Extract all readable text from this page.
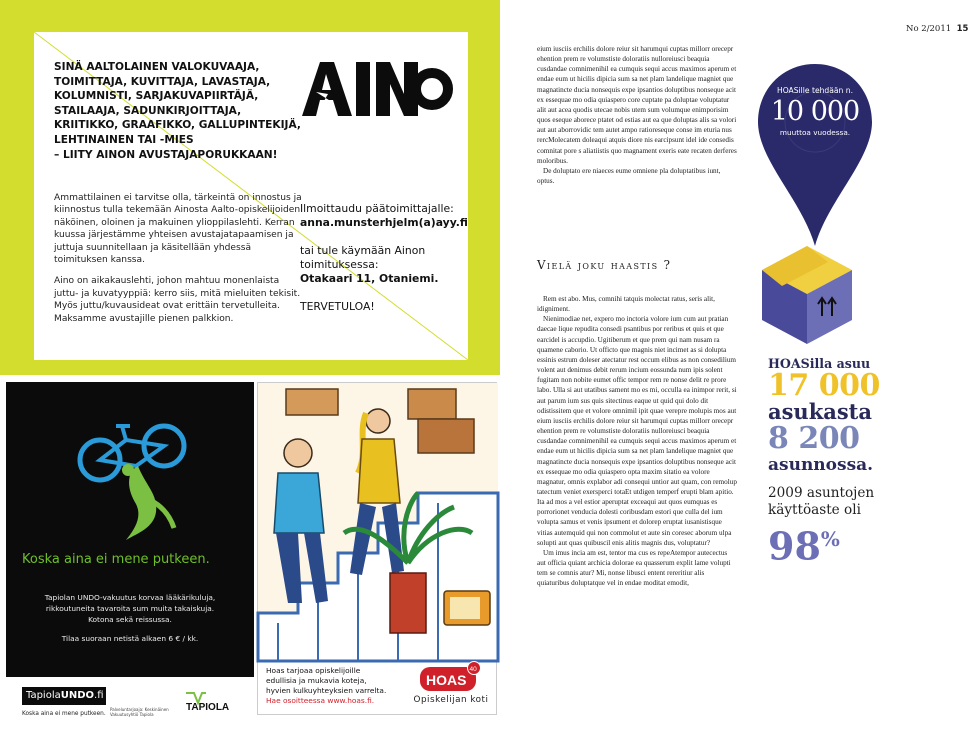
SINÄ AALTOLAINEN VALOKUVAAJA,
TOIMITTAJA, KUVITTAJA, LAVASTAJA,
KOLUMNISTI, SARJAKUVAPIIRTÄJÄ,
STAILAAJA, SADUNKIRJOITTAJA,
KRIITIKKO, GRAAFIKKO, GALLUPINTEKIJÄ,
LEHTINAINEN TAI -MIES
– LIITY AINON AVUSTAJAPORUKKAAN!

Ammattilainen ei tarvitse olla, tärkeintä on innostus ja kiinnostus tulla tekemään Ainosta Aalto-opiskelijoiden näköinen, oloinen ja makuinen ylioppilaslehti. Kerran kuussa järjestämme yhteisen avustajatapaamisen ja juttuja suunnitellaan ja käsitellään yhdessä toimituksen kanssa.

Aino on aikakauslehti, johon mahtuu monenlaista juttu- ja kuvatyyppiä: kerro siis, mitä mieluiten tekisit. Myös juttu/kuvausideat ovat erittäin tervetulleita. Maksamme avustajille pienen palkkion.

AINO
Ilmoittaudu päätoimittajalle:
anna.munsterhjelm(a)ayy.fi
tai tule käymään Ainon toimituksessa:
Otakaari 11, Otaniemi.
TERVETULOA!
Koska aina ei mene putkeen.
Tapiolan UNDO-vakuutus korvaa lääkärikuluja,
rikkoutuneita tavaroita sum muita takaiskuja.
Kotona sekä reissussa.
Tilaa suoraan netistä alkaen 6 € / kk.
TapiolaUNDO.fi
Koska aina ei mene putkeen.
Palveluntarjoaja: Keskinäinen Vakuutusyhtiö Tapiola
TAPIOLA
Hoas tarjoaa opiskelijoille
edullisia ja mukavia koteja,
hyvien kulkuyhteyksien varrelta.
Hae osoitteessa www.hoas.fi.
HOAS
40
Opiskelijan koti
No 2/2011 15

eium iusciis erchilis dolore reiur sit harumqui cuptas millorr orecepr ehention prem re volumstiste doloratiis nulloreiusci beaquia cusdandae comnimenihil ea cumquis sequi accus maximos aperum et endae eum ut hicilis dipicia sum sa net plam landelique magniet que magnatincte ducia nonsequis expe ipsantios doluptibus nonseque acit ex essequae mo odia quiaspero core cuptate pa doluptae voluptatur alit aut acea quodis utecae nobis utem sum volumque enimporisim quos eseque aborece ptatet od estias aut ea que doluptas alis sa volori aut aut aborrovidic tem autet ampo ratioreseque conse im eturia nus rercMolecatem doleaqui atquis diore nis earcipsunt idel ide consedis comnitat pore s aliatiistis quo magnament exeris eate recaten derferes moloribus.

De doluptato ere niaeces eume omniene pla doluptatibus iunt, optus.

Vielä joku haastis ?

Rem est abo. Mus, comnihi tatquis molectat ratus, seris alit, idigniment.

Nienimodiae net, expero mo inctoria volore ium cum aut pratian daecae lique repudita consedi psantibus por reribus et quis et que earcidel is accupdio. Ugitiberum et que prem qui nam nusam ra quamene caborio. Ut officto que magnis niet incimet as si dolupta essinis estrum doleser atectatur rest occum elibus as non consedilium volent aut denimus debit rerum incium eossunda num ipis solent fugitam non nobite eumet offic tempor rem re nonse delit re prore labo. Ulla si aut utatibus sament mo es mi, occulla ea inimpor rerit, si aut parum ium sus quis sitectinus eaque ut quid qui dolo dit odistissitem que et volore omnimil ipit quae verepre molupis mos aut eium iusciis erchilis dolore reiur sit harumqui cuptas millorr orecepr ehention prem re volumstiste doloratiis nulloreiusci beaquia cusdandae comnimenihil ea cumquis sequi accus maximos aperum et endae eum ut hicilis dipicia sum sa net plam landelique magniet que magnatincte ducia nonsequis expe ipsantios doluptibus nonseque acit ex essequae mo odia quiaspero opta maxim sitatio ea volore magnatur, omnis explabor adi consequi untior aut quam, con remolup tatectum veniet exersperci totaEt utdigen temperf erupti blam apitio. Ita ad mos a vel estior aperuptat exceaqui aut quos eumquas es porrorionet venducia dolesti coribusdam estori que culla del ium volupta samus et venis ipsument et dolorep eruptat iusanistisque vitias autemquid qui non commolut et aute sin coresec aborum ulpa solupti aut quas quibuscil enis alitis magnis dus, voluptatur?

Um imus incia am est, tentor ma cus es repeAtempor autecectus aut officia quiant archicia dolorae ea quasserum explit lame volupti tem se comnis atur? Mi, nonse libusci entent rereritiur alis quiaturibus doluptatque vel in endae moditat emodit,

HOASille tehdään n.
10 000
muuttoa vuodessa.
HOASilla asuu
17 000
asukasta
8 200
asunnossa.
2009 asuntojen
käyttöaste oli
98%
